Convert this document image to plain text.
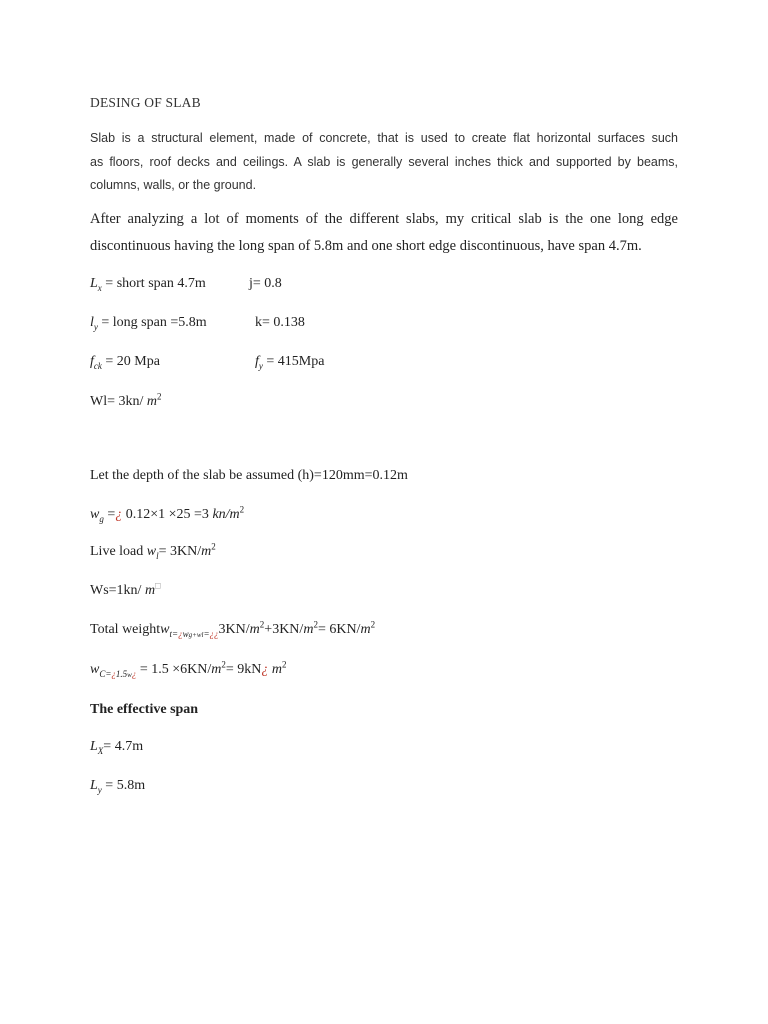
DESING OF SLAB
Slab is a structural element, made of concrete, that is used to create flat horizontal surfaces such
as floors, roof decks and ceilings. A slab is generally several inches thick and supported by beams,
columns, walls, or the ground.
After analyzing a lot of moments of the different slabs, my critical slab is the one long edge
discontinuous having the long span of 5.8m and one short edge discontinuous, have span 4.7m.
$L_x$ = short span 4.7m	j= 0.8
$l_y$ = long span =5.8m	k= 0.138
$f_{ck} = 20$ Mpa	$f_y = 415Mpa$
Wl= 3kn/ $m^2$
Let the depth of the slab be assumed (h)=120mm=0.12m
$w_g$ =¿ 0.12×1 ×25 =3 $kn/m^2$
Live load $w_l= 3KN/m^2$
Ws=1kn/ m□
Total $weightw_{t=¿wg+wl=¿¿}3KN/m^2+3KN/m^2= 6KN/m^2$
$w_{C=¿1.5w¿} = 1.5 \times 6KN/m^2=$ 9kN¿ $m^2$
The effective span
$L_X= 4.7m$
$L_y = 5.8m$
